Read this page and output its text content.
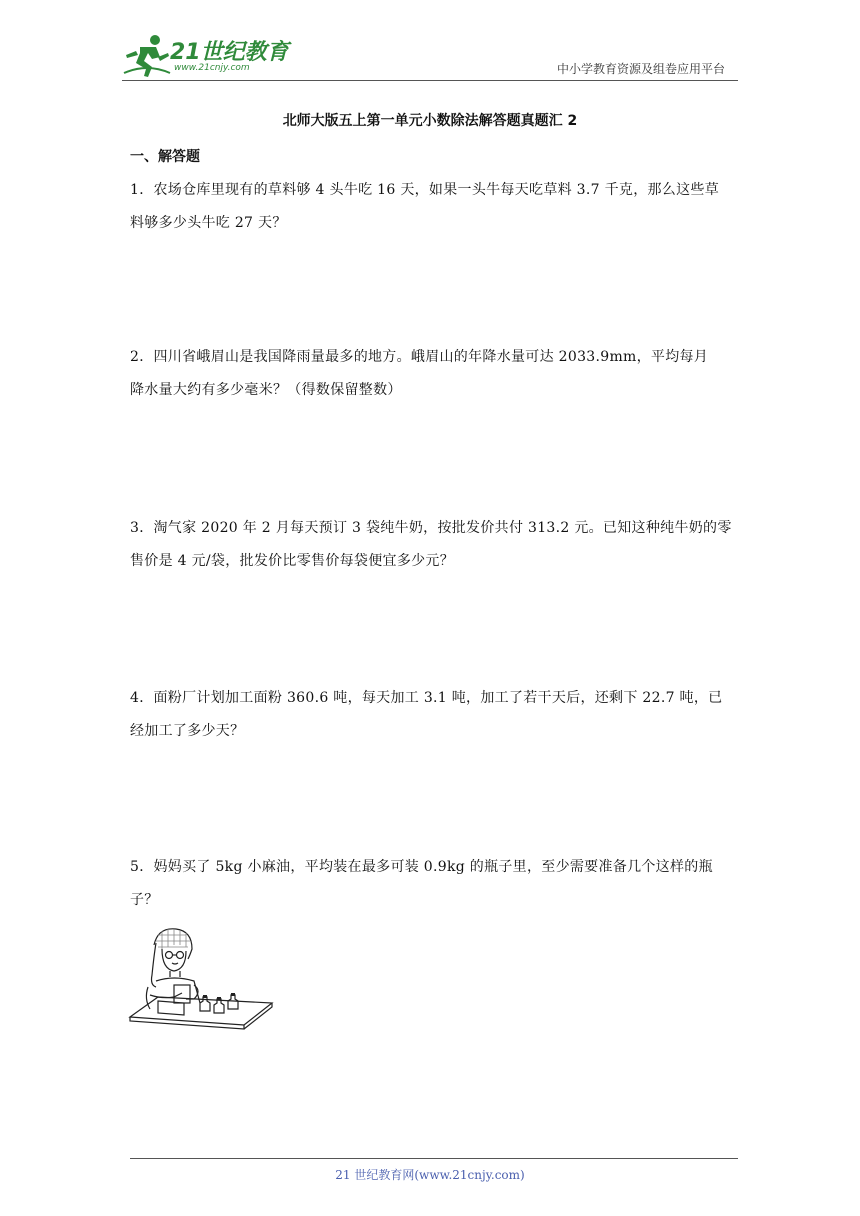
21世纪教育
www.21cnjy.com	中小学教育资源及组卷应用平台
北师大版五上第一单元小数除法解答题真题汇 2
一、解答题
1．农场仓库里现有的草料够 4 头牛吃 16 天，如果一头牛每天吃草料 3.7 千克，那么这些草
料够多少头牛吃 27 天？
2．四川省峨眉山是我国降雨量最多的地方。峨眉山的年降水量可达 2033.9mm，平均每月
降水量大约有多少毫米？（得数保留整数）
3．淘气家 2020 年 2 月每天预订 3 袋纯牛奶，按批发价共付 313.2 元。已知这种纯牛奶的零
售价是 4 元/袋，批发价比零售价每袋便宜多少元？
4．面粉厂计划加工面粉 360.6 吨，每天加工 3.1 吨，加工了若干天后，还剩下 22.7 吨，已
经加工了多少天？
5．妈妈买了 5kg 小麻油，平均装在最多可装 0.9kg 的瓶子里，至少需要准备几个这样的瓶
子？
21 世纪教育网(www.21cnjy.com)
